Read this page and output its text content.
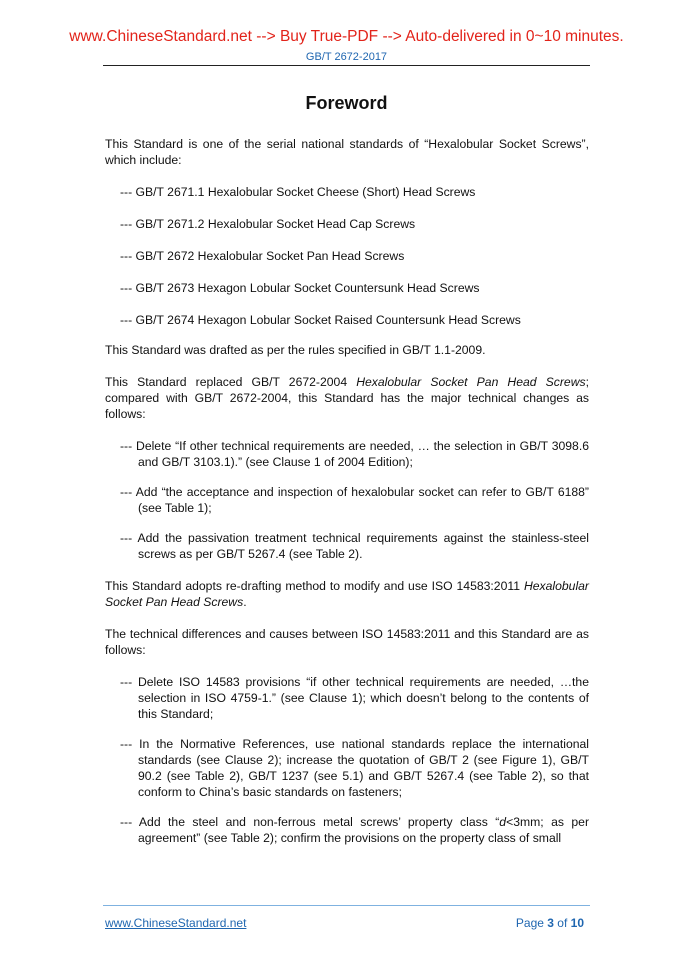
www.ChineseStandard.net --> Buy True-PDF --> Auto-delivered in 0~10 minutes.
GB/T 2672-2017
Foreword

This Standard is one of the serial national standards of “Hexalobular Socket Screws”, which include:

--- GB/T 2671.1 Hexalobular Socket Cheese (Short) Head Screws

--- GB/T 2671.2 Hexalobular Socket Head Cap Screws

--- GB/T 2672 Hexalobular Socket Pan Head Screws

--- GB/T 2673 Hexagon Lobular Socket Countersunk Head Screws

--- GB/T 2674 Hexagon Lobular Socket Raised Countersunk Head Screws

This Standard was drafted as per the rules specified in GB/T 1.1-2009.

This Standard replaced GB/T 2672-2004 Hexalobular Socket Pan Head Screws; compared with GB/T 2672-2004, this Standard has the major technical changes as follows:

--- Delete “If other technical requirements are needed, … the selection in GB/T 3098.6 and GB/T 3103.1).” (see Clause 1 of 2004 Edition);

--- Add “the acceptance and inspection of hexalobular socket can refer to GB/T 6188” (see Table 1);

--- Add the passivation treatment technical requirements against the stainless-steel screws as per GB/T 5267.4 (see Table 2).

This Standard adopts re-drafting method to modify and use ISO 14583:2011 Hexalobular Socket Pan Head Screws.

The technical differences and causes between ISO 14583:2011 and this Standard are as follows:

--- Delete ISO 14583 provisions “if other technical requirements are needed, …the selection in ISO 4759-1.” (see Clause 1); which doesn’t belong to the contents of this Standard;

--- In the Normative References, use national standards replace the international standards (see Clause 2); increase the quotation of GB/T 2 (see Figure 1), GB/T 90.2 (see Table 2), GB/T 1237 (see 5.1) and GB/T 5267.4 (see Table 2), so that conform to China’s basic standards on fasteners;

--- Add the steel and non-ferrous metal screws’ property class “d<3mm; as per agreement” (see Table 2); confirm the provisions on the property class of small

www.ChineseStandard.net	Page 3 of 10
